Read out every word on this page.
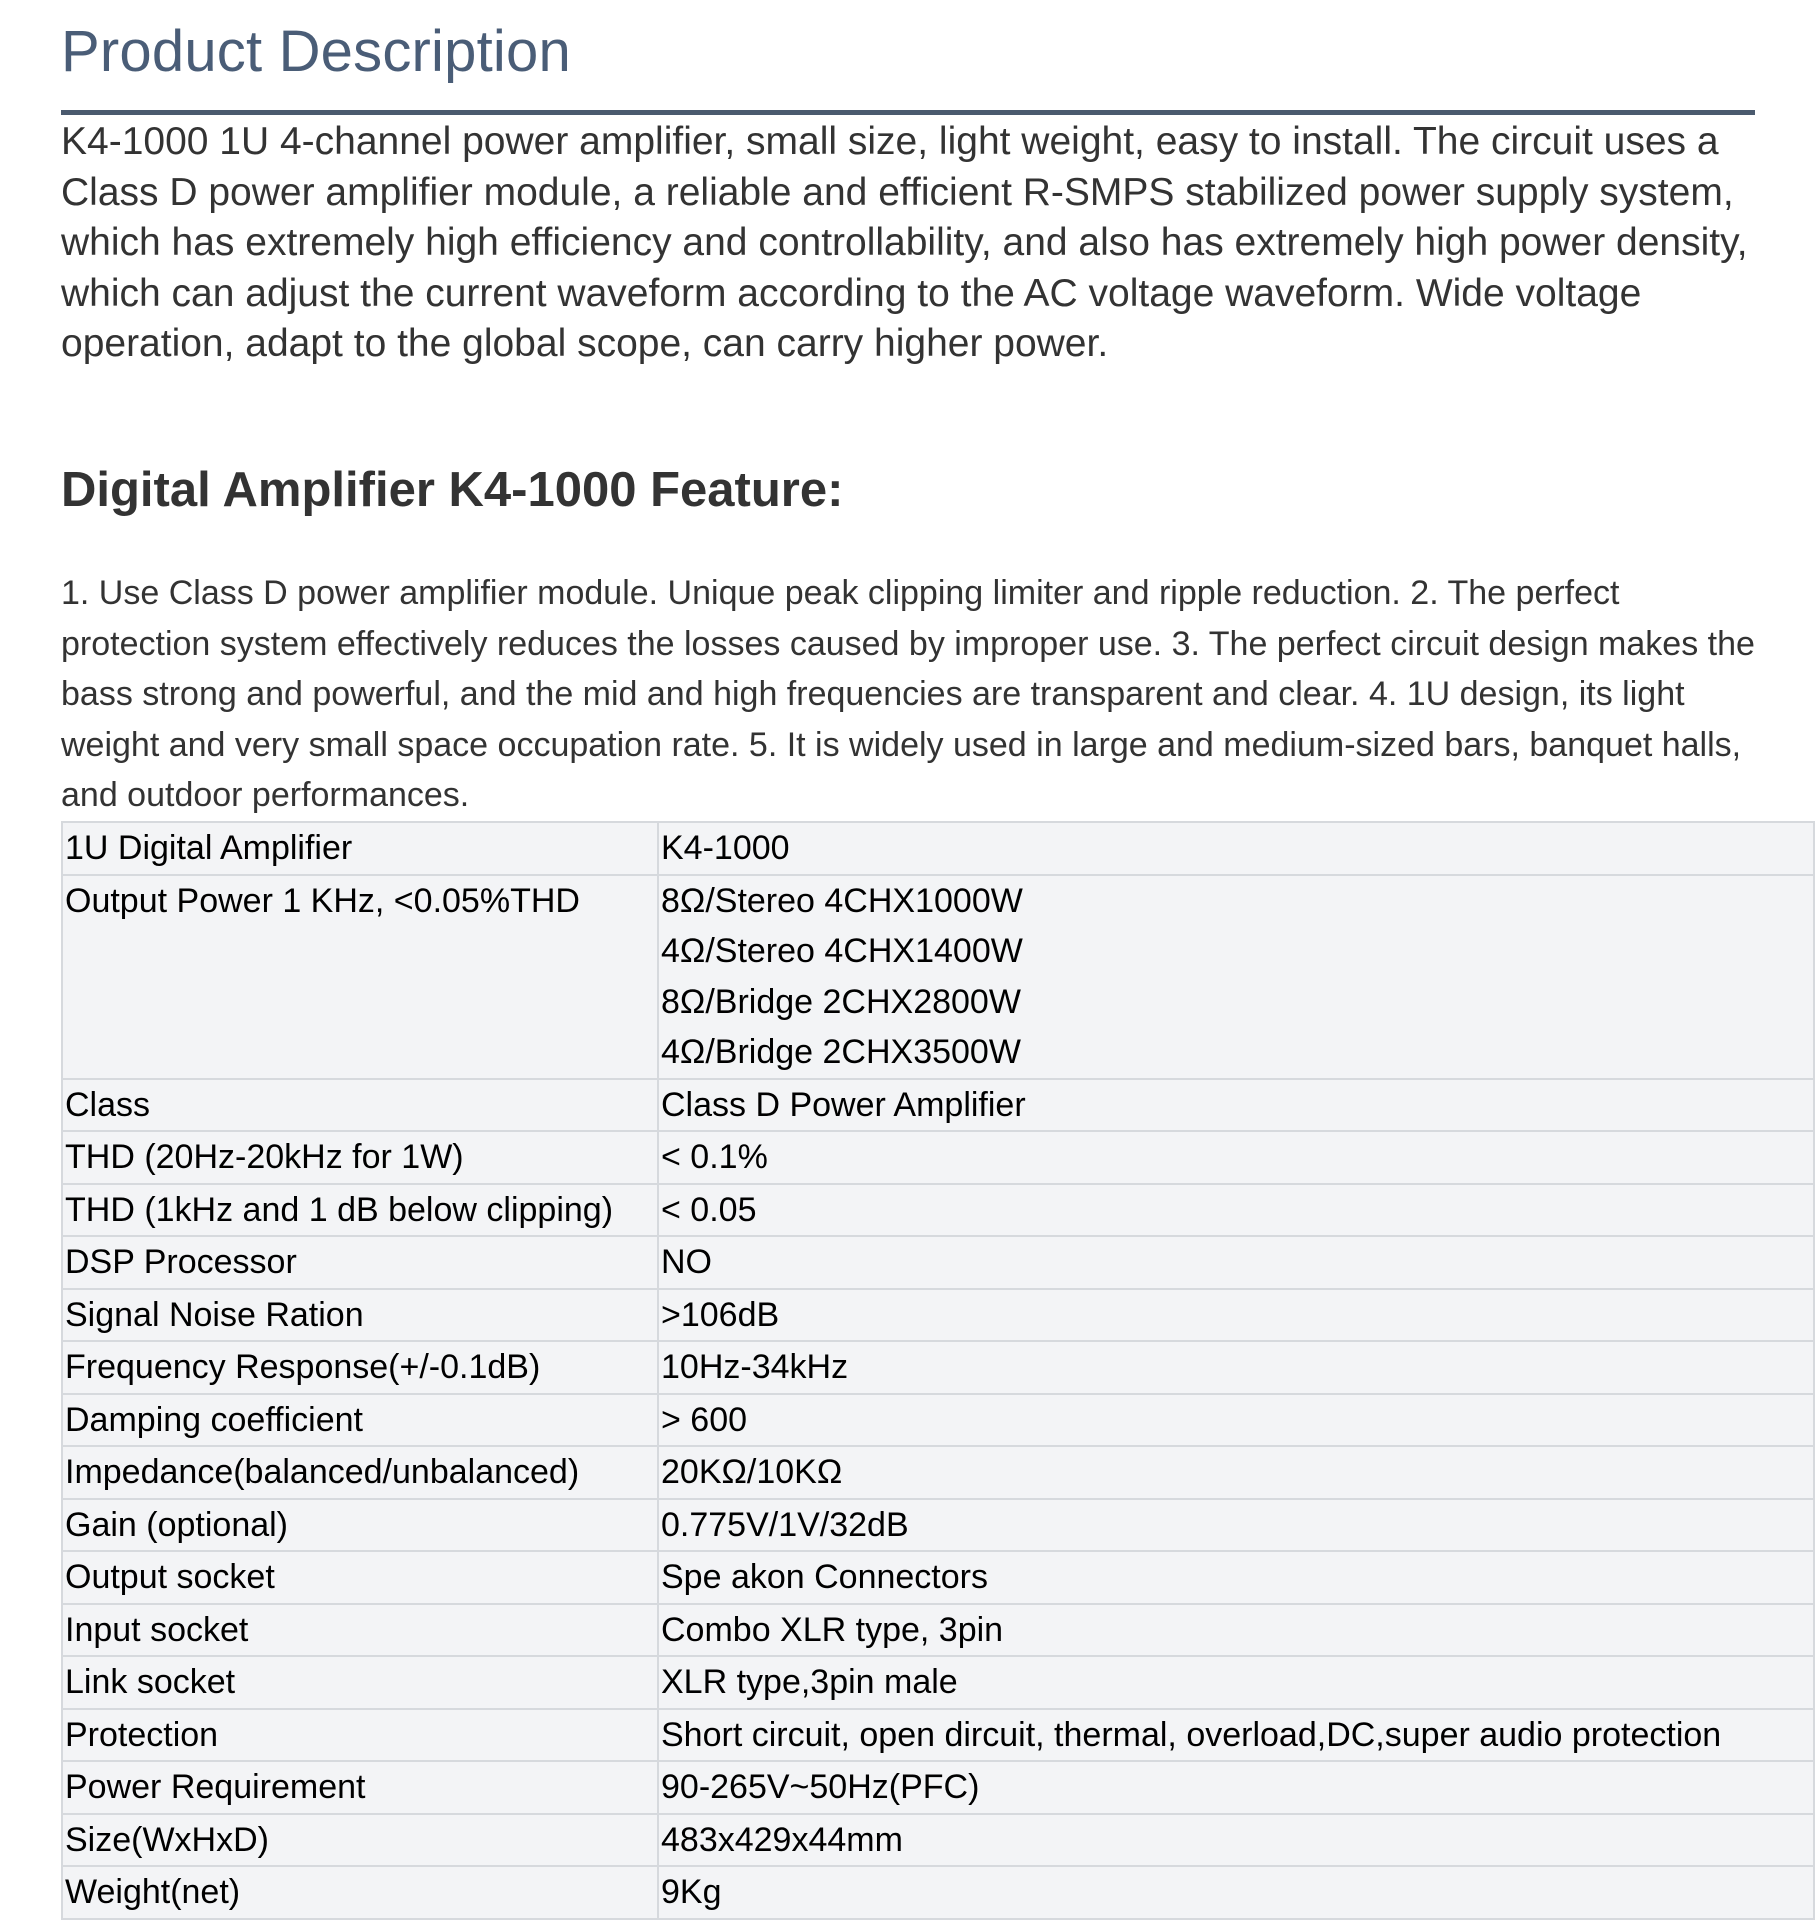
Product Description

K4-1000 1U 4-channel power amplifier, small size, light weight, easy to install. The circuit uses a Class D power amplifier module, a reliable and efficient R-SMPS stabilized power supply system, which has extremely high efficiency and controllability, and also has extremely high power density, which can adjust the current waveform according to the AC voltage waveform. Wide voltage operation, adapt to the global scope, can carry higher power.

Digital Amplifier K4-1000 Feature:

1. Use Class D power amplifier module. Unique peak clipping limiter and ripple reduction. 2. The perfect protection system effectively reduces the losses caused by improper use. 3. The perfect circuit design makes the bass strong and powerful, and the mid and high frequencies are transparent and clear. 4. 1U design, its light weight and very small space occupation rate. 5. It is widely used in large and medium-sized bars, banquet halls, and outdoor performances.

1U Digital Amplifier	K4-1000

Output Power 1 KHz, <0.05%THD	8Ω/Stereo 4CHX1000W
4Ω/Stereo 4CHX1400W
8Ω/Bridge 2CHX2800W
4Ω/Bridge 2CHX3500W

Class	Class D Power Amplifier

THD (20Hz-20kHz for 1W)	< 0.1%

THD (1kHz and 1 dB below clipping)	< 0.05

DSP Processor	NO

Signal Noise Ration	>106dB

Frequency Response(+/-0.1dB)	10Hz-34kHz

Damping coefficient	> 600

Impedance(balanced/unbalanced)	20KΩ/10KΩ

Gain (optional)	0.775V/1V/32dB

Output socket	Spe akon Connectors

Input socket	Combo XLR type, 3pin

Link socket	XLR type,3pin male

Protection	Short circuit, open dircuit, thermal, overload,DC,super audio protection

Power Requirement	90-265V~50Hz(PFC)

Size(WxHxD)	483x429x44mm

Weight(net)	9Kg
